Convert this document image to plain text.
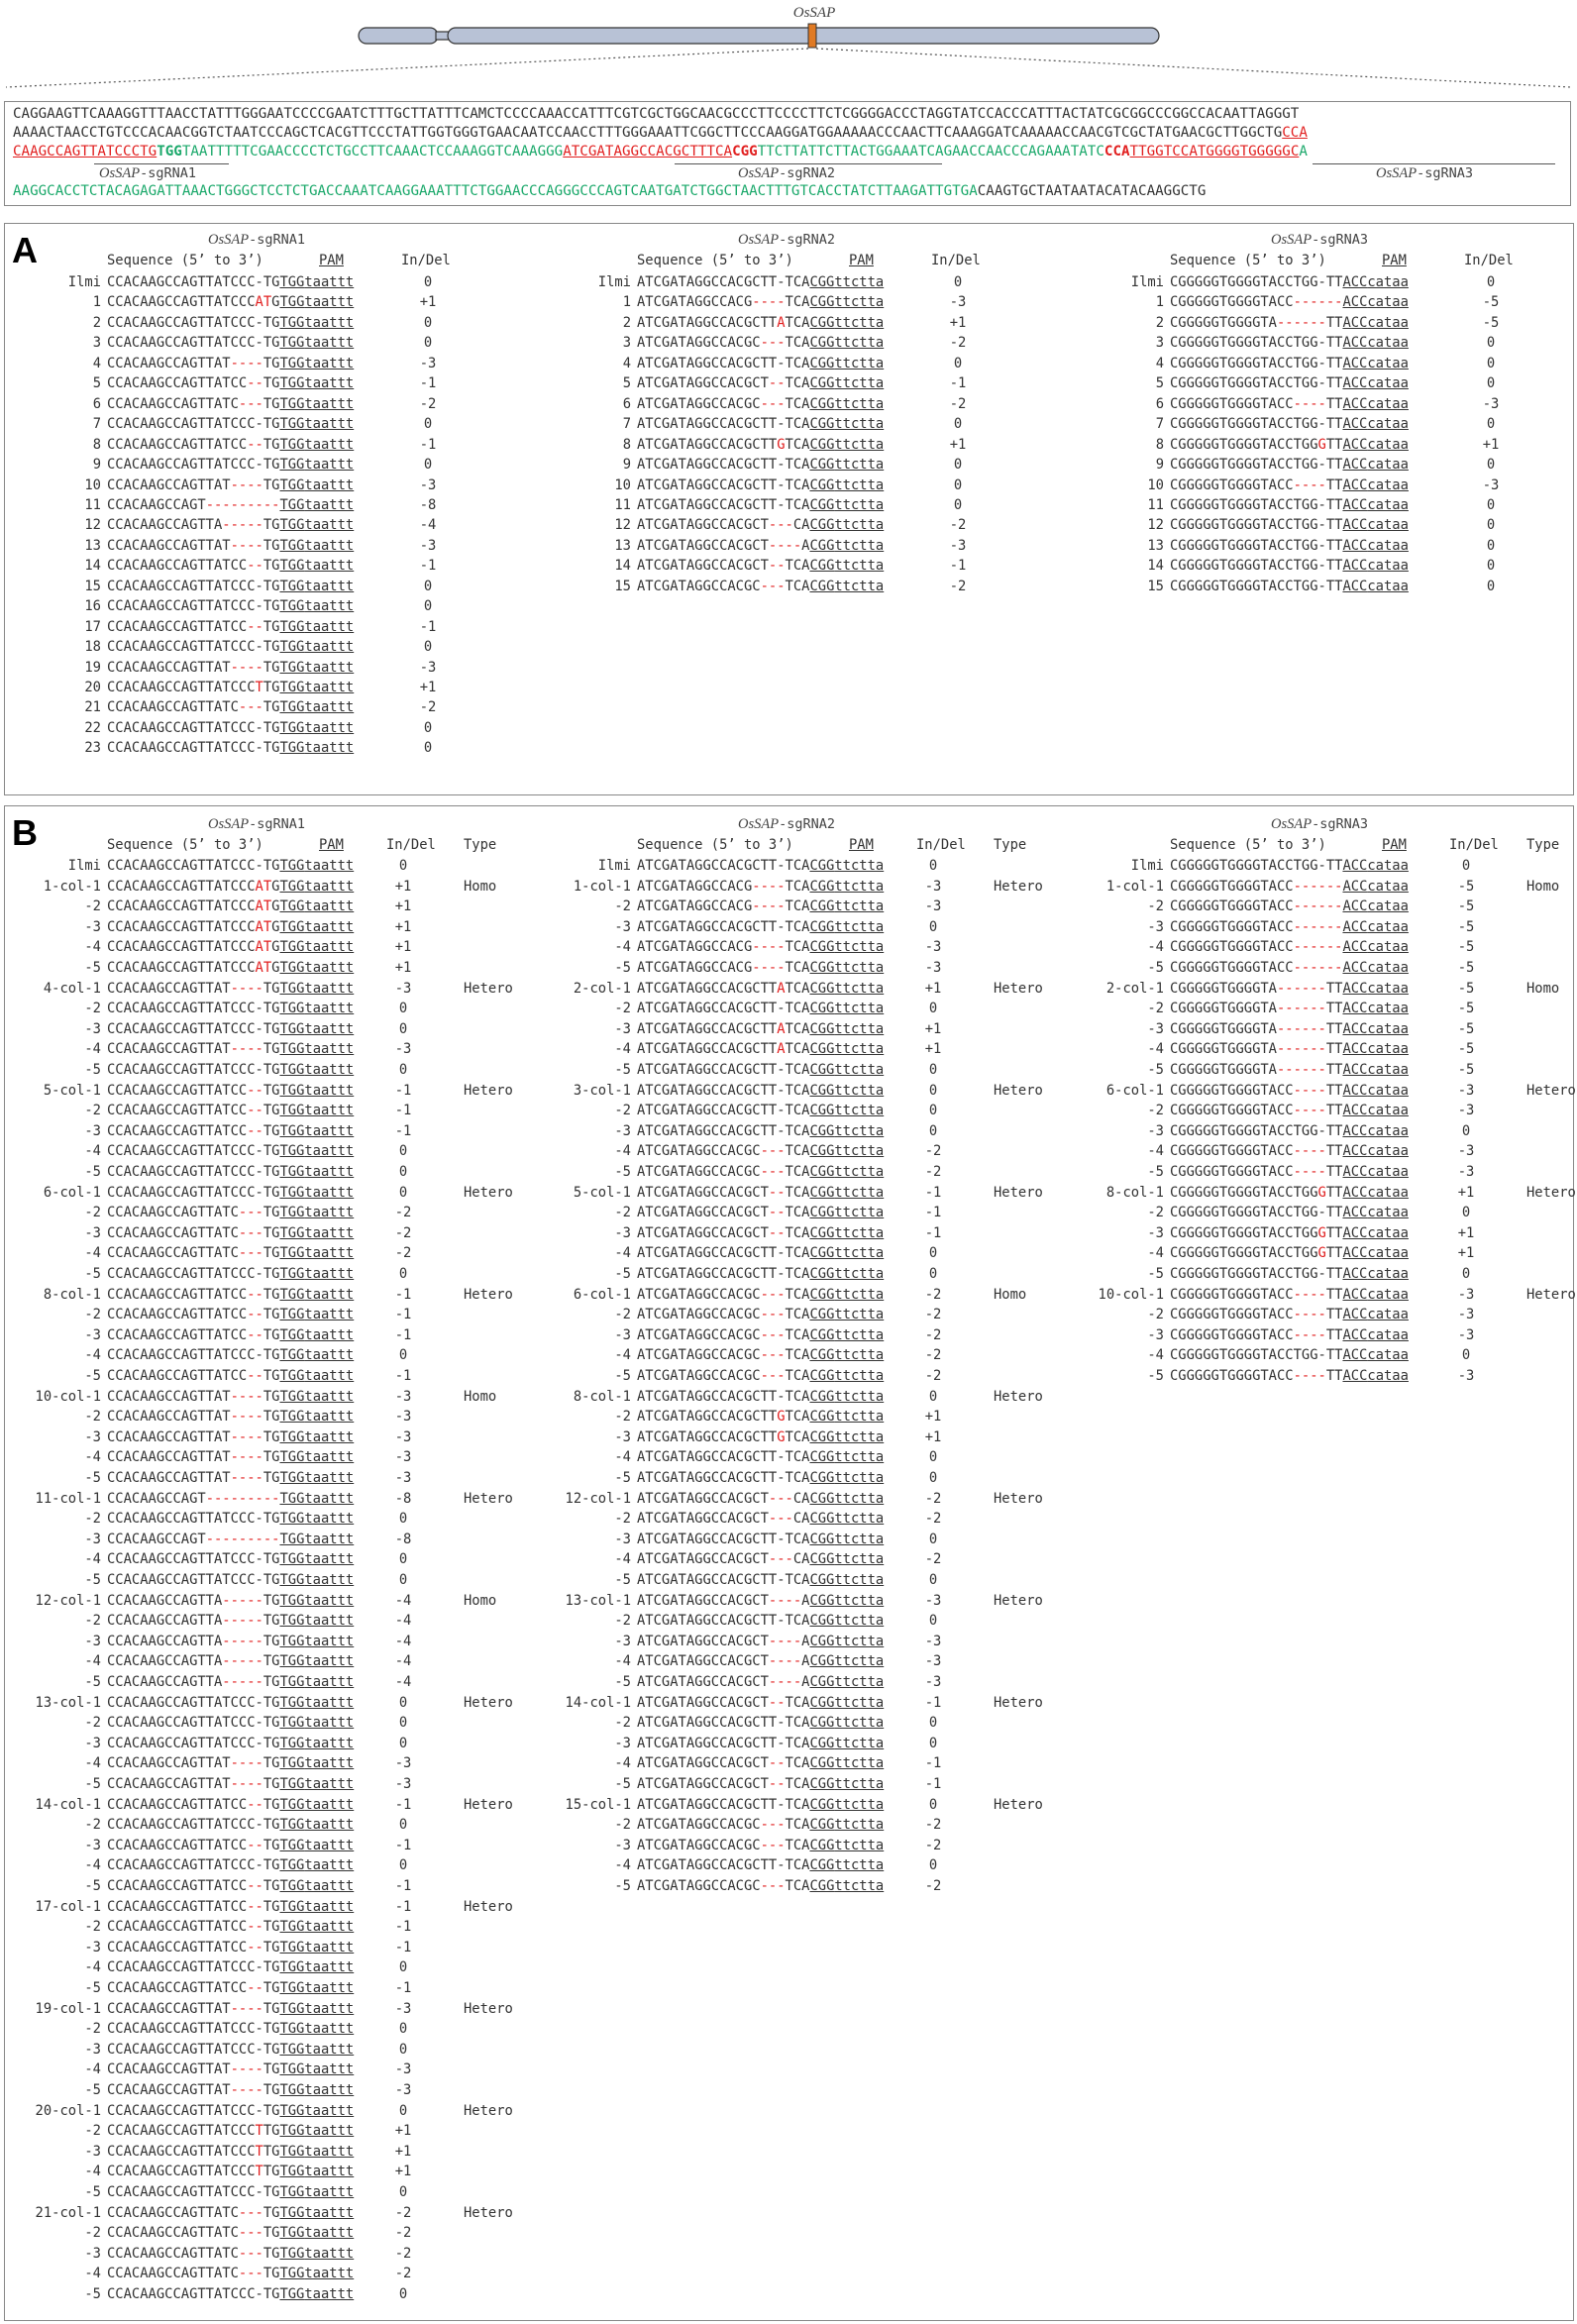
OsSAP
CAGGAAGTTCAAAGGTTTAACCTATTTGGGAATCCCCGAATCTTTGCTTATTTCAMCTCCCCAAACCATTTCGTCGCTGGCAACGCCCTTCCCCTTCTCGGGGACCCTAGGTATCCACCCATTTACTATCGCGGCCCGGCCACAATTAGGGT
AAAACTAACCTGTCCCACAACGGTCTAATCCCAGCTCACGTTCCCTATTGGTGGGTGAACAATCCAACCTTTGGGAAATTCGGCTTCCCAAGGATGGAAAAACCCAACTTCAAAGGATCAAAAACCAACGTCGCTATGAACGCTTGGCTGCCA
CAAGCCAGTTATCCCTGTGGTAATTTTTCGAACCCCTCTGCCTTCAAACTCCAAAGGTCAAAGGGATCGATAGGCCACGCTTTCACGGTTCTTATTCTTACTGGAAATCAGAACCAACCCAGAAATATCCCATTGGTCCATGGGGTGGGGGCA
AAGGCACCTCTACAGAGATTAAACTGGGCTCCTCTGACCAAATCAAGGAAATTTCTGGAACCCAGGGCCCAGTCAATGATCTGGCTAACTTTGTCACCTATCTTAAGATTGTGACAAGTGCTAATAATACATACAAGGCTG
OsSAP-sgRNA1	OsSAP-sgRNA2	OsSAP-sgRNA3
A	OsSAP-sgRNA1
Sequence (5’ to 3’)	PAM	In/Del
Ilmi CCACAAGCCAGTTATCCC-TGTGGtaattt	0
1 CCACAAGCCAGTTATCCCATGTGGtaattt	+1
2 CCACAAGCCAGTTATCCC-TGTGGtaattt	0
3 CCACAAGCCAGTTATCCC-TGTGGtaattt	0
4 CCACAAGCCAGTTAT----TGTGGtaattt	-3
5 CCACAAGCCAGTTATCC--TGTGGtaattt	-1
6 CCACAAGCCAGTTATC---TGTGGtaattt	-2
7 CCACAAGCCAGTTATCCC-TGTGGtaattt	0
8 CCACAAGCCAGTTATCC--TGTGGtaattt	-1
9 CCACAAGCCAGTTATCCC-TGTGGtaattt	0
10 CCACAAGCCAGTTAT----TGTGGtaattt	-3
11 CCACAAGCCAGT---------TGGtaattt	-8
12 CCACAAGCCAGTTA-----TGTGGtaattt	-4
13 CCACAAGCCAGTTAT----TGTGGtaattt	-3
14 CCACAAGCCAGTTATCC--TGTGGtaattt	-1
15 CCACAAGCCAGTTATCCC-TGTGGtaattt	0
16 CCACAAGCCAGTTATCCC-TGTGGtaattt	0
17 CCACAAGCCAGTTATCC--TGTGGtaattt	-1
18 CCACAAGCCAGTTATCCC-TGTGGtaattt	0
19 CCACAAGCCAGTTAT----TGTGGtaattt	-3
20 CCACAAGCCAGTTATCCCTTGTGGtaattt	+1
21 CCACAAGCCAGTTATC---TGTGGtaattt	-2
22 CCACAAGCCAGTTATCCC-TGTGGtaattt	0
23 CCACAAGCCAGTTATCCC-TGTGGtaattt	0
OsSAP-sgRNA2
Sequence (5’ to 3’)	PAM	In/Del
Ilmi ATCGATAGGCCACGCTT-TCACGGttctta	0
1 ATCGATAGGCCACG----TCACGGttctta	-3
2 ATCGATAGGCCACGCTTATCACGGttctta	+1
3 ATCGATAGGCCACGC---TCACGGttctta	-2
4 ATCGATAGGCCACGCTT-TCACGGttctta	0
5 ATCGATAGGCCACGCT--TCACGGttctta	-1
6 ATCGATAGGCCACGC---TCACGGttctta	-2
7 ATCGATAGGCCACGCTT-TCACGGttctta	0
8 ATCGATAGGCCACGCTTGTCACGGttctta	+1
9 ATCGATAGGCCACGCTT-TCACGGttctta	0
10 ATCGATAGGCCACGCTT-TCACGGttctta	0
11 ATCGATAGGCCACGCTT-TCACGGttctta	0
12 ATCGATAGGCCACGCT---CACGGttctta	-2
13 ATCGATAGGCCACGCT----ACGGttctta	-3
14 ATCGATAGGCCACGCT--TCACGGttctta	-1
15 ATCGATAGGCCACGC---TCACGGttctta	-2
OsSAP-sgRNA3
Sequence (5’ to 3’)	PAM	In/Del
Ilmi CGGGGGTGGGGTACCTGG-TTACCcataa	0
1 CGGGGGTGGGGTACC------ACCcataa	-5
2 CGGGGGTGGGGTA------TTACCcataa	-5
3 CGGGGGTGGGGTACCTGG-TTACCcataa	0
4 CGGGGGTGGGGTACCTGG-TTACCcataa	0
5 CGGGGGTGGGGTACCTGG-TTACCcataa	0
6 CGGGGGTGGGGTACC----TTACCcataa	-3
7 CGGGGGTGGGGTACCTGG-TTACCcataa	0
8 CGGGGGTGGGGTACCTGGGTTACCcataa	+1
9 CGGGGGTGGGGTACCTGG-TTACCcataa	0
10 CGGGGGTGGGGTACC----TTACCcataa	-3
11 CGGGGGTGGGGTACCTGG-TTACCcataa	0
12 CGGGGGTGGGGTACCTGG-TTACCcataa	0
13 CGGGGGTGGGGTACCTGG-TTACCcataa	0
14 CGGGGGTGGGGTACCTGG-TTACCcataa	0
15 CGGGGGTGGGGTACCTGG-TTACCcataa	0
B	OsSAP-sgRNA1
Sequence (5’ to 3’)	PAM	In/Del Type
Ilmi CCACAAGCCAGTTATCCC-TGTGGtaattt	0
1-col-1 CCACAAGCCAGTTATCCCATGTGGtaattt	+1	Homo
-2 CCACAAGCCAGTTATCCCATGTGGtaattt	+1
-3 CCACAAGCCAGTTATCCCATGTGGtaattt	+1
-4 CCACAAGCCAGTTATCCCATGTGGtaattt	+1
-5 CCACAAGCCAGTTATCCCATGTGGtaattt	+1
4-col-1 CCACAAGCCAGTTAT----TGTGGtaattt	-3	Hetero
-2 CCACAAGCCAGTTATCCC-TGTGGtaattt	0
-3 CCACAAGCCAGTTATCCC-TGTGGtaattt	0
-4 CCACAAGCCAGTTAT----TGTGGtaattt	-3
-5 CCACAAGCCAGTTATCCC-TGTGGtaattt	0
5-col-1 CCACAAGCCAGTTATCC--TGTGGtaattt	-1	Hetero
-2 CCACAAGCCAGTTATCC--TGTGGtaattt	-1
-3 CCACAAGCCAGTTATCC--TGTGGtaattt	-1
-4 CCACAAGCCAGTTATCCC-TGTGGtaattt	0
-5 CCACAAGCCAGTTATCCC-TGTGGtaattt	0
6-col-1 CCACAAGCCAGTTATCCC-TGTGGtaattt	0	Hetero
-2 CCACAAGCCAGTTATC---TGTGGtaattt	-2
-3 CCACAAGCCAGTTATC---TGTGGtaattt	-2
-4 CCACAAGCCAGTTATC---TGTGGtaattt	-2
-5 CCACAAGCCAGTTATCCC-TGTGGtaattt	0
8-col-1 CCACAAGCCAGTTATCC--TGTGGtaattt	-1	Hetero
-2 CCACAAGCCAGTTATCC--TGTGGtaattt	-1
-3 CCACAAGCCAGTTATCC--TGTGGtaattt	-1
-4 CCACAAGCCAGTTATCCC-TGTGGtaattt	0
-5 CCACAAGCCAGTTATCC--TGTGGtaattt	-1
10-col-1 CCACAAGCCAGTTAT----TGTGGtaattt	-3	Homo
-2 CCACAAGCCAGTTAT----TGTGGtaattt	-3
-3 CCACAAGCCAGTTAT----TGTGGtaattt	-3
-4 CCACAAGCCAGTTAT----TGTGGtaattt	-3
-5 CCACAAGCCAGTTAT----TGTGGtaattt	-3
11-col-1 CCACAAGCCAGT---------TGGtaattt	-8	Hetero
-2 CCACAAGCCAGTTATCCC-TGTGGtaattt	0
-3 CCACAAGCCAGT---------TGGtaattt	-8
-4 CCACAAGCCAGTTATCCC-TGTGGtaattt	0
-5 CCACAAGCCAGTTATCCC-TGTGGtaattt	0
12-col-1 CCACAAGCCAGTTA-----TGTGGtaattt	-4	Homo
-2 CCACAAGCCAGTTA-----TGTGGtaattt	-4
-3 CCACAAGCCAGTTA-----TGTGGtaattt	-4
-4 CCACAAGCCAGTTA-----TGTGGtaattt	-4
-5 CCACAAGCCAGTTA-----TGTGGtaattt	-4
13-col-1 CCACAAGCCAGTTATCCC-TGTGGtaattt	0	Hetero
-2 CCACAAGCCAGTTATCCC-TGTGGtaattt	0
-3 CCACAAGCCAGTTATCCC-TGTGGtaattt	0
-4 CCACAAGCCAGTTAT----TGTGGtaattt	-3
-5 CCACAAGCCAGTTAT----TGTGGtaattt	-3
14-col-1 CCACAAGCCAGTTATCC--TGTGGtaattt	-1	Hetero
-2 CCACAAGCCAGTTATCCC-TGTGGtaattt	0
-3 CCACAAGCCAGTTATCC--TGTGGtaattt	-1
-4 CCACAAGCCAGTTATCCC-TGTGGtaattt	0
-5 CCACAAGCCAGTTATCC--TGTGGtaattt	-1
17-col-1 CCACAAGCCAGTTATCC--TGTGGtaattt	-1	Hetero
-2 CCACAAGCCAGTTATCC--TGTGGtaattt	-1
-3 CCACAAGCCAGTTATCC--TGTGGtaattt	-1
-4 CCACAAGCCAGTTATCCC-TGTGGtaattt	0
-5 CCACAAGCCAGTTATCC--TGTGGtaattt	-1
19-col-1 CCACAAGCCAGTTAT----TGTGGtaattt	-3	Hetero
-2 CCACAAGCCAGTTATCCC-TGTGGtaattt	0
-3 CCACAAGCCAGTTATCCC-TGTGGtaattt	0
-4 CCACAAGCCAGTTAT----TGTGGtaattt	-3
-5 CCACAAGCCAGTTAT----TGTGGtaattt	-3
20-col-1 CCACAAGCCAGTTATCCC-TGTGGtaattt	0	Hetero
-2 CCACAAGCCAGTTATCCCTTGTGGtaattt	+1
-3 CCACAAGCCAGTTATCCCTTGTGGtaattt	+1
-4 CCACAAGCCAGTTATCCCTTGTGGtaattt	+1
-5 CCACAAGCCAGTTATCCC-TGTGGtaattt	0
21-col-1 CCACAAGCCAGTTATC---TGTGGtaattt	-2	Hetero
-2 CCACAAGCCAGTTATC---TGTGGtaattt	-2
-3 CCACAAGCCAGTTATC---TGTGGtaattt	-2
-4 CCACAAGCCAGTTATC---TGTGGtaattt	-2
-5 CCACAAGCCAGTTATCCC-TGTGGtaattt	0
OsSAP-sgRNA2
Sequence (5’ to 3’)	PAM	In/Del Type
Ilmi ATCGATAGGCCACGCTT-TCACGGttctta	0
1-col-1 ATCGATAGGCCACG----TCACGGttctta	-3	Hetero
-2 ATCGATAGGCCACG----TCACGGttctta	-3
-3 ATCGATAGGCCACGCTT-TCACGGttctta	0
-4 ATCGATAGGCCACG----TCACGGttctta	-3
-5 ATCGATAGGCCACG----TCACGGttctta	-3
2-col-1 ATCGATAGGCCACGCTTATCACGGttctta	+1	Hetero
-2 ATCGATAGGCCACGCTT-TCACGGttctta	0
-3 ATCGATAGGCCACGCTTATCACGGttctta	+1
-4 ATCGATAGGCCACGCTTATCACGGttctta	+1
-5 ATCGATAGGCCACGCTT-TCACGGttctta	0
3-col-1 ATCGATAGGCCACGCTT-TCACGGttctta	0	Hetero
-2 ATCGATAGGCCACGCTT-TCACGGttctta	0
-3 ATCGATAGGCCACGCTT-TCACGGttctta	0
-4 ATCGATAGGCCACGC---TCACGGttctta	-2
-5 ATCGATAGGCCACGC---TCACGGttctta	-2
5-col-1 ATCGATAGGCCACGCT--TCACGGttctta	-1	Hetero
-2 ATCGATAGGCCACGCT--TCACGGttctta	-1
-3 ATCGATAGGCCACGCT--TCACGGttctta	-1
-4 ATCGATAGGCCACGCTT-TCACGGttctta	0
-5 ATCGATAGGCCACGCTT-TCACGGttctta	0
6-col-1 ATCGATAGGCCACGC---TCACGGttctta	-2	Homo
-2 ATCGATAGGCCACGC---TCACGGttctta	-2
-3 ATCGATAGGCCACGC---TCACGGttctta	-2
-4 ATCGATAGGCCACGC---TCACGGttctta	-2
-5 ATCGATAGGCCACGC---TCACGGttctta	-2
8-col-1 ATCGATAGGCCACGCTT-TCACGGttctta	0	Hetero
-2 ATCGATAGGCCACGCTTGTCACGGttctta	+1
-3 ATCGATAGGCCACGCTTGTCACGGttctta	+1
-4 ATCGATAGGCCACGCTT-TCACGGttctta	0
-5 ATCGATAGGCCACGCTT-TCACGGttctta	0
12-col-1 ATCGATAGGCCACGCT---CACGGttctta	-2	Hetero
-2 ATCGATAGGCCACGCT---CACGGttctta	-2
-3 ATCGATAGGCCACGCTT-TCACGGttctta	0
-4 ATCGATAGGCCACGCT---CACGGttctta	-2
-5 ATCGATAGGCCACGCTT-TCACGGttctta	0
13-col-1 ATCGATAGGCCACGCT----ACGGttctta	-3	Hetero
-2 ATCGATAGGCCACGCTT-TCACGGttctta	0
-3 ATCGATAGGCCACGCT----ACGGttctta	-3
-4 ATCGATAGGCCACGCT----ACGGttctta	-3
-5 ATCGATAGGCCACGCT----ACGGttctta	-3
14-col-1 ATCGATAGGCCACGCT--TCACGGttctta	-1	Hetero
-2 ATCGATAGGCCACGCTT-TCACGGttctta	0
-3 ATCGATAGGCCACGCTT-TCACGGttctta	0
-4 ATCGATAGGCCACGCT--TCACGGttctta	-1
-5 ATCGATAGGCCACGCT--TCACGGttctta	-1
15-col-1 ATCGATAGGCCACGCTT-TCACGGttctta	0	Hetero
-2 ATCGATAGGCCACGC---TCACGGttctta	-2
-3 ATCGATAGGCCACGC---TCACGGttctta	-2
-4 ATCGATAGGCCACGCTT-TCACGGttctta	0
-5 ATCGATAGGCCACGC---TCACGGttctta	-2
OsSAP-sgRNA3
Sequence (5’ to 3’)	PAM	In/Del Type
Ilmi CGGGGGTGGGGTACCTGG-TTACCcataa	0
1-col-1 CGGGGGTGGGGTACC------ACCcataa	-5	Homo
-2 CGGGGGTGGGGTACC------ACCcataa	-5
-3 CGGGGGTGGGGTACC------ACCcataa	-5
-4 CGGGGGTGGGGTACC------ACCcataa	-5
-5 CGGGGGTGGGGTACC------ACCcataa	-5
2-col-1 CGGGGGTGGGGTA------TTACCcataa	-5	Homo
-2 CGGGGGTGGGGTA------TTACCcataa	-5
-3 CGGGGGTGGGGTA------TTACCcataa	-5
-4 CGGGGGTGGGGTA------TTACCcataa	-5
-5 CGGGGGTGGGGTA------TTACCcataa	-5
6-col-1 CGGGGGTGGGGTACC----TTACCcataa	-3	Hetero
-2 CGGGGGTGGGGTACC----TTACCcataa	-3
-3 CGGGGGTGGGGTACCTGG-TTACCcataa	0
-4 CGGGGGTGGGGTACC----TTACCcataa	-3
-5 CGGGGGTGGGGTACC----TTACCcataa	-3
8-col-1 CGGGGGTGGGGTACCTGGGTTACCcataa	+1	Hetero
-2 CGGGGGTGGGGTACCTGG-TTACCcataa	0
-3 CGGGGGTGGGGTACCTGGGTTACCcataa	+1
-4 CGGGGGTGGGGTACCTGGGTTACCcataa	+1
-5 CGGGGGTGGGGTACCTGG-TTACCcataa	0
10-col-1 CGGGGGTGGGGTACC----TTACCcataa	-3	Hetero
-2 CGGGGGTGGGGTACC----TTACCcataa	-3
-3 CGGGGGTGGGGTACC----TTACCcataa	-3
-4 CGGGGGTGGGGTACCTGG-TTACCcataa	0
-5 CGGGGGTGGGGTACC----TTACCcataa	-3
